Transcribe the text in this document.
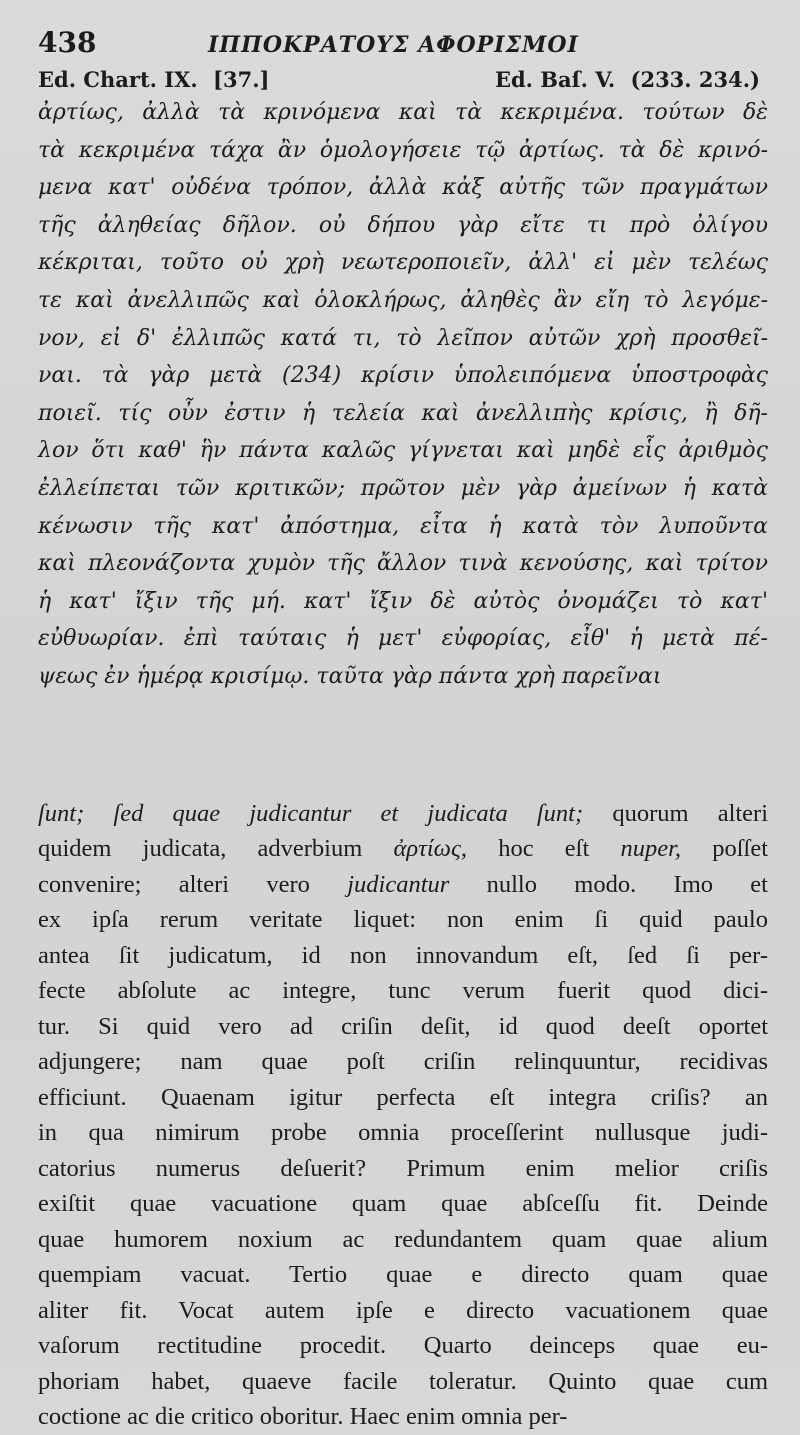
438	ΙΠΠΟΚΡΑΤΟΥΣ ΑΦΟΡΙΣΜΟΙ
Ed. Chart. IX. [37.]	Ed. Baſ. V. (233. 234.)
ἀρτίως, ἀλλὰ τὰ κρινόμενα καὶ τὰ κεκριμένα. τούτων δὲ
τὰ κεκριμένα τάχα ἂν ὁμολογήσειε τῷ ἀρτίως. τὰ δὲ κρινό-
μενα κατ' οὐδένα τρόπον, ἀλλὰ κἀξ αὐτῆς τῶν πραγμάτων
τῆς ἀληθείας δῆλον. οὐ δήπου γὰρ εἴτε τι πρὸ ὀλίγου
κέκριται, τοῦτο οὐ χρὴ νεωτεροποιεῖν, ἀλλ' εἰ μὲν τελέως
τε καὶ ἀνελλιπῶς καὶ ὁλοκλήρως, ἀληθὲς ἂν εἴη τὸ λεγόμε-
νον, εἰ δ' ἐλλιπῶς κατά τι, τὸ λεῖπον αὐτῶν χρὴ προσθεῖ-
ναι. τὰ γὰρ μετὰ (234) κρίσιν ὑπολειπόμενα ὑποστροφὰς
ποιεῖ. τίς οὖν ἐστιν ἡ τελεία καὶ ἀνελλιπὴς κρίσις, ἢ δῆ-
λον ὅτι καθ' ἣν πάντα καλῶς γίγνεται καὶ μηδὲ εἷς ἀριθμὸς
ἐλλείπεται τῶν κριτικῶν; πρῶτον μὲν γὰρ ἀμείνων ἡ κατὰ
κένωσιν τῆς κατ' ἀπόστημα, εἶτα ἡ κατὰ τὸν λυποῦντα
καὶ πλεονάζοντα χυμὸν τῆς ἄλλον τινὰ κενούσης, καὶ τρίτον
ἡ κατ' ἴξιν τῆς μή. κατ' ἴξιν δὲ αὐτὸς ὀνομάζει τὸ κατ'
εὐθυωρίαν. ἐπὶ ταύταις ἡ μετ' εὐφορίας, εἶθ' ἡ μετὰ πέ-
ψεως ἐν ἡμέρᾳ κρισίμῳ. ταῦτα γὰρ πάντα χρὴ παρεῖναι
ſunt; ſed quae judicantur et judicata ſunt; quorum alteri
quidem judicata, adverbium ἀρτίως, hoc eſt nuper, poſſet
convenire; alteri vero judicantur nullo modo. Imo et
ex ipſa rerum veritate liquet: non enim ſi quid paulo
antea ſit judicatum, id non innovandum eſt, ſed ſi per-
fecte abſolute ac integre, tunc verum fuerit quod dici-
tur. Si quid vero ad criſin deſit, id quod deeſt oportet
adjungere; nam quae poſt criſin relinquuntur, recidivas
efficiunt. Quaenam igitur perfecta eſt integra criſis? an
in qua nimirum probe omnia proceſſerint nullusque judi-
catorius numerus deſuerit? Primum enim melior criſis
exiſtit quae vacuatione quam quae abſceſſu fit. Deinde
quae humorem noxium ac redundantem quam quae alium
quempiam vacuat. Tertio quae e directo quam quae
aliter fit. Vocat autem ipſe e directo vacuationem quae
vaſorum rectitudine procedit. Quarto deinceps quae eu-
phoriam habet, quaeve facile toleratur. Quinto quae cum
coctione ac die critico oboritur. Haec enim omnia per-
